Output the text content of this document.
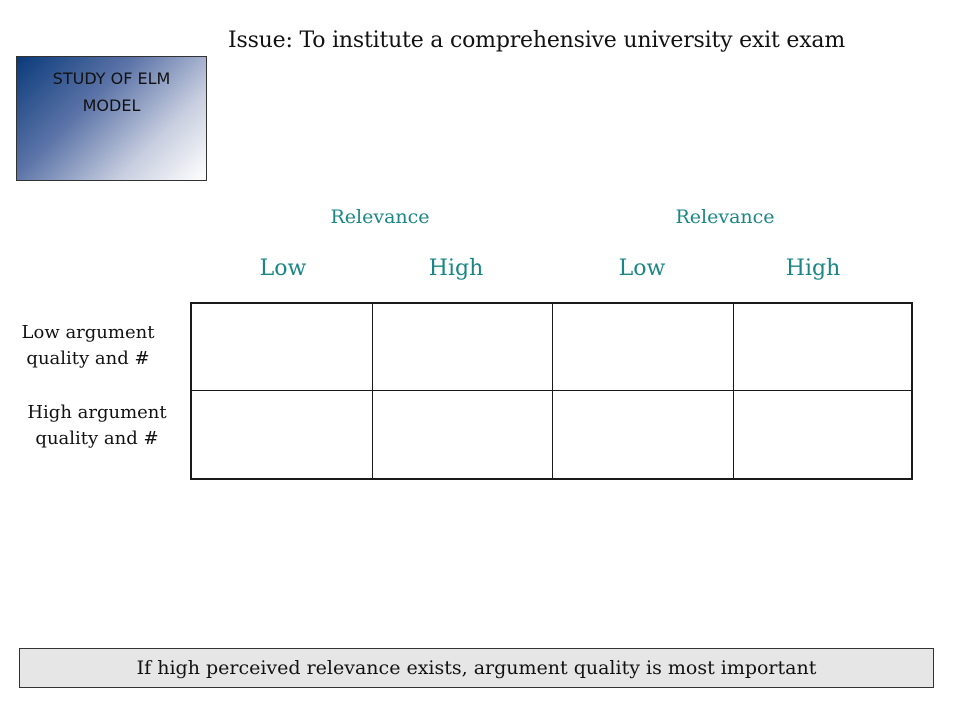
STUDY OF ELM
MODEL
Issue: To institute a comprehensive university exit exam
Relevance	Relevance
Low	High	Low	High
Low argument
quality and #
High argument
quality and #
If high perceived relevance exists, argument quality is most important
